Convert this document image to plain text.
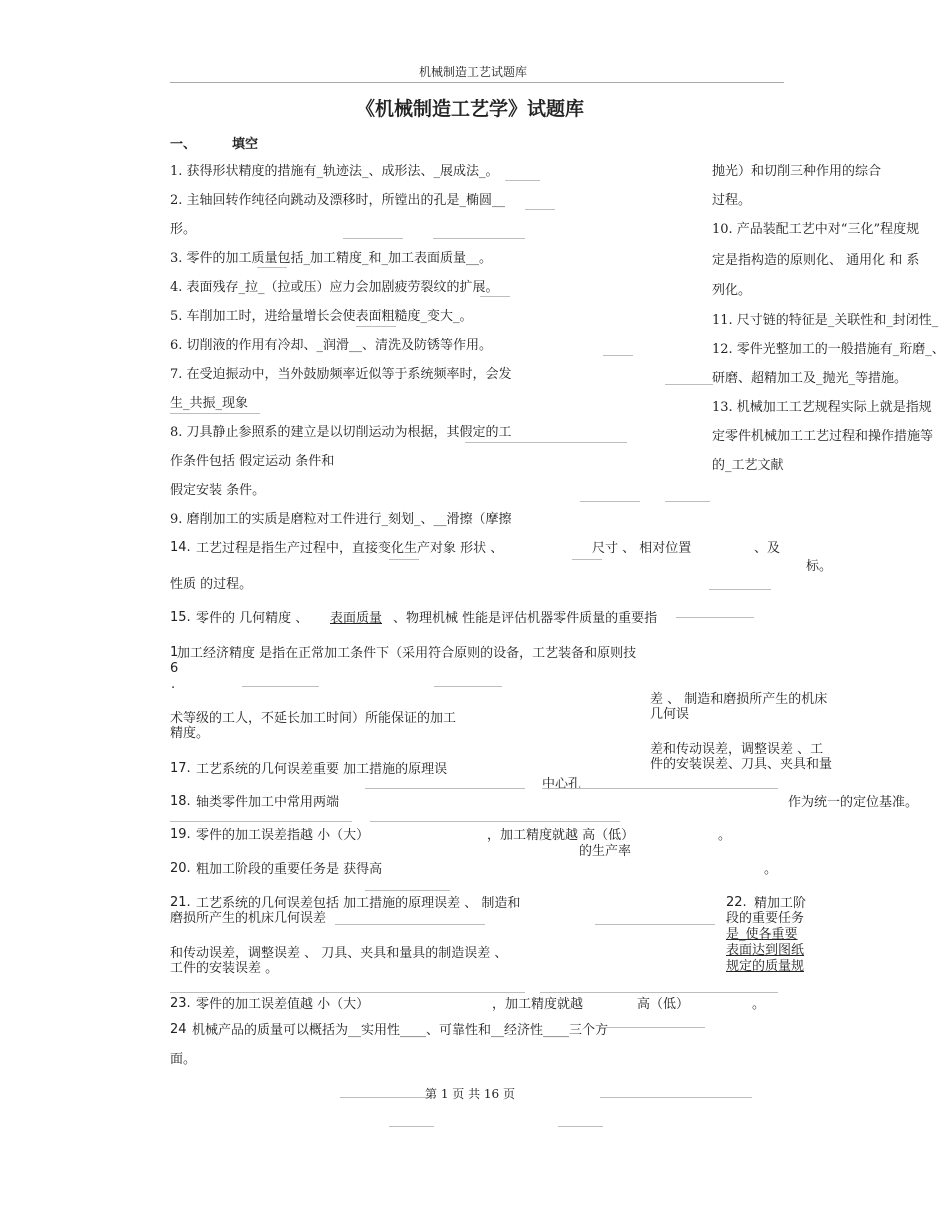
机械制造工艺试题库
《机械制造工艺学》试题库
一、	填空
1. 获得形状精度的措施有_轨迹法_、成形法、_展成法_。
2. 主轴回转作纯径向跳动及漂移时，所镗出的孔是_椭圆__
形。
3. 零件的加工质量包括_加工精度_和_加工表面质量__。
4. 表面残存_拉_（拉或压）应力会加剧疲劳裂纹的扩展。
5. 车削加工时，进给量增长会使表面粗糙度_变大_。
6. 切削液的作用有冷却、_润滑__、清洗及防锈等作用。
7. 在受迫振动中，当外鼓励频率近似等于系统频率时，会发
生_共振_现象
8. 刀具静止参照系的建立是以切削运动为根据，其假定的工
作条件包括 假定运动 条件和
假定安装 条件。
9. 磨削加工的实质是磨粒对工件进行_刻划_、__滑擦（摩擦
抛光）和切削三种作用的综合
过程。
10. 产品装配工艺中对“三化”程度规
定是指构造的原则化、 通用化 和 系
列化。
11. 尺寸链的特征是_关联性和_封闭性_
12. 零件光整加工的一般措施有_珩磨_、
研磨、超精加工及_抛光_等措施。
13. 机械加工工艺规程实际上就是指规
定零件机械加工工艺过程和操作措施等
的_工艺文献
14. 工艺过程是指生产过程中，直接变化生产对象 形状 、	尺寸 、 相对位置	、及
标。
性质 的过程。
15. 零件的 几何精度 、 表面质量 、物理机械 性能是评估机器零件质量的重要指
1
6
.
加工经济精度 是指在正常加工条件下（采用符合原则的设备，工艺装备和原则技
术等级的工人，不延长加工时间）所能保证的加工
精度。
差 、 制造和磨损所产生的机床
几何误
差和传动误差，调整误差 、工
件的安装误差、刀具、夹具和量
17. 工艺系统的几何误差重要 加工措施的原理误
中心孔
18. 轴类零件加工中常用两端	作为统一的定位基准。
19. 零件的加工误差指越 小（大）	，加工精度就越 高（低）	。
的生产率
20. 粗加工阶段的重要任务是 获得高	。
21. 工艺系统的几何误差包括 加工措施的原理误差 、 制造和
磨损所产生的机床几何误差
和传动误差，调整误差 、 刀具、夹具和量具的制造误差 、
工件的安装误差 。
22. 精加工阶
段的重要任务
是_使各重要
表面达到图纸
规定的质量规
23. 零件的加工误差值越 小（大）	，加工精度就越	高（低）	。
24 机械产品的质量可以概括为__实用性____、可靠性和__经济性____三个方
面。
第 1 页 共 16 页
